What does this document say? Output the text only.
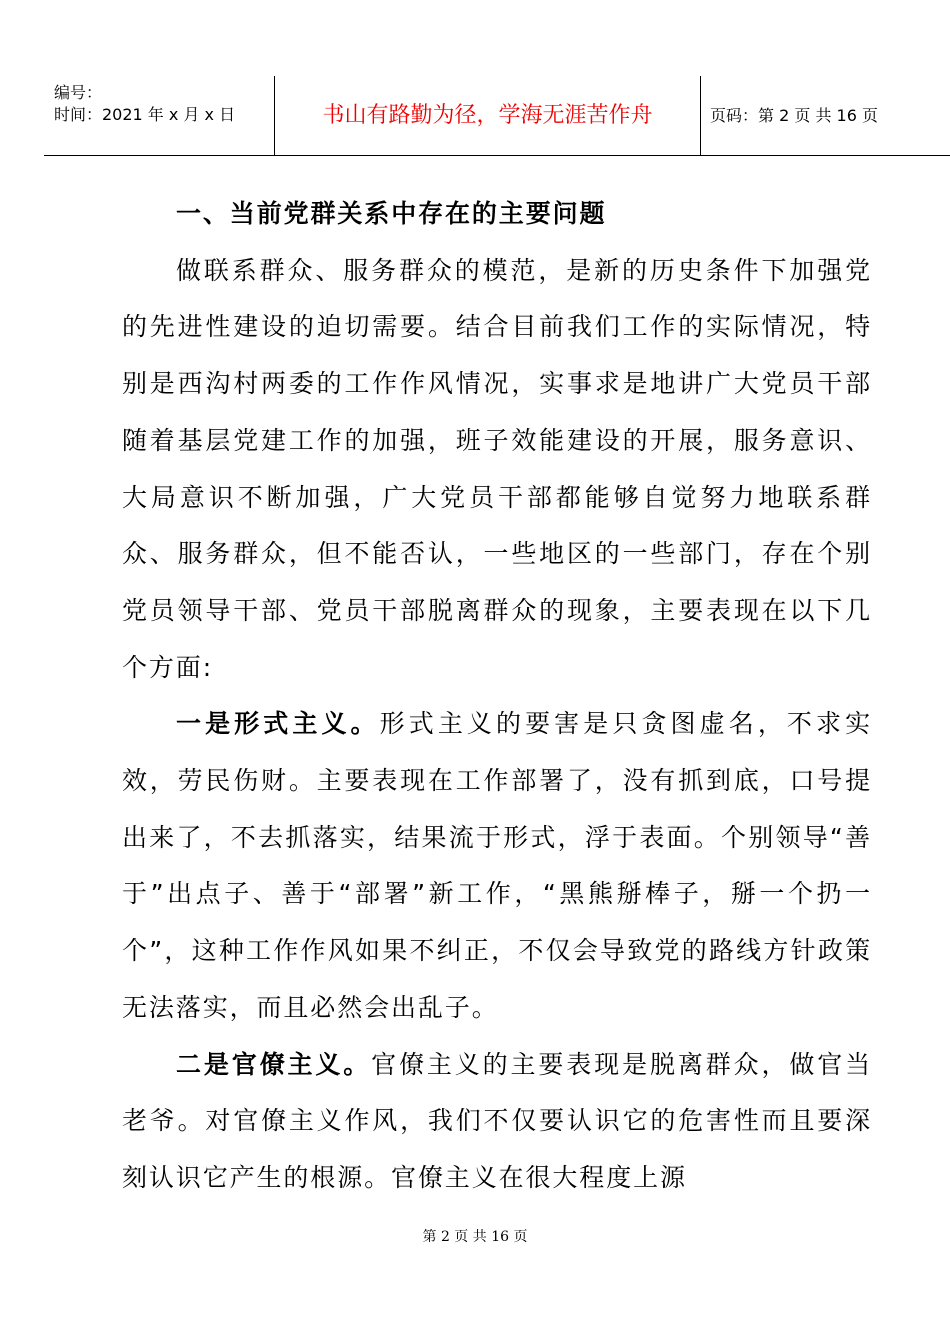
编号：
时间：2021 年 x 月 x 日	书山有路勤为径，学海无涯苦作舟	页码：第 2 页 共 16 页
一、当前党群关系中存在的主要问题

做联系群众、服务群众的模范，是新的历史条件下加强党的先进性建设的迫切需要。结合目前我们工作的实际情况，特别是西沟村两委的工作作风情况，实事求是地讲广大党员干部随着基层党建工作的加强，班子效能建设的开展，服务意识、大局意识不断加强，广大党员干部都能够自觉努力地联系群众、服务群众，但不能否认，一些地区的一些部门，存在个别党员领导干部、党员干部脱离群众的现象，主要表现在以下几个方面:

一是形式主义。形式主义的要害是只贪图虚名，不求实效，劳民伤财。主要表现在工作部署了，没有抓到底，口号提出来了，不去抓落实，结果流于形式，浮于表面。个别领导“善于”出点子、善于“部署”新工作，“黑熊掰棒子，掰一个扔一个”，这种工作作风如果不纠正，不仅会导致党的路线方针政策无法落实，而且必然会出乱子。

二是官僚主义。官僚主义的主要表现是脱离群众，做官当老爷。对官僚主义作风，我们不仅要认识它的危害性而且要深刻认识它产生的根源。官僚主义在很大程度上源

第 2 页 共 16 页
